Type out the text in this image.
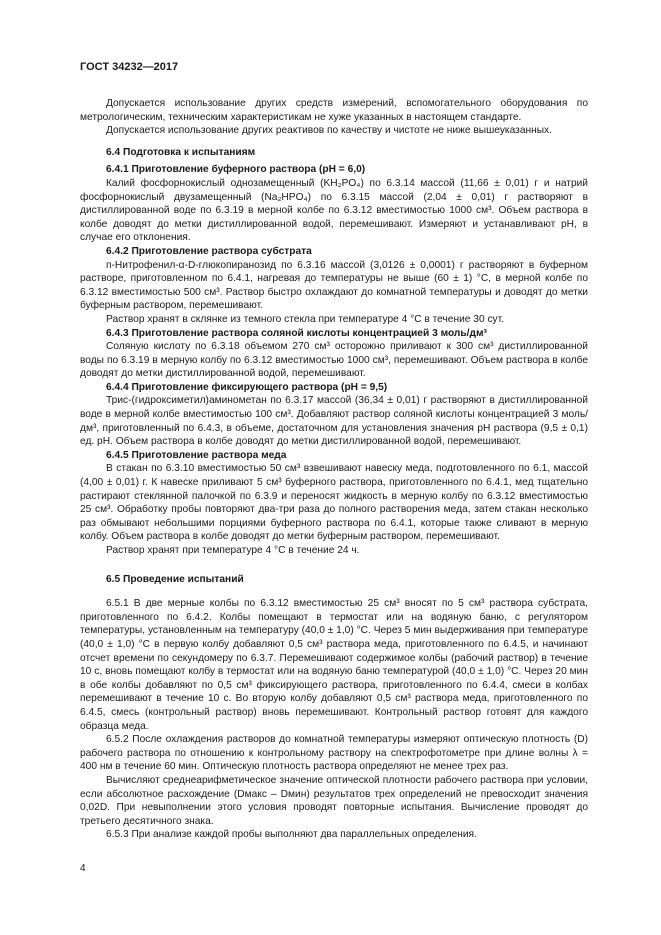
ГОСТ 34232—2017

Допускается использование других средств измерений, вспомогательного оборудования по метрологическим, техническим характеристикам не хуже указанных в настоящем стандарте.

Допускается использование других реактивов по качеству и чистоте не ниже вышеуказанных.

6.4 Подготовка к испытаниям
6.4.1 Приготовление буферного раствора (pH = 6,0)

Калий фосфорнокислый однозамещенный (KH₂PO₄) по 6.3.14 массой (11,66 ± 0,01) г и натрий фосфорнокислый двузамещенный (Na₂HPO₄) по 6.3.15 массой (2,04 ± 0,01) г растворяют в дистиллированной воде по 6.3.19 в мерной колбе по 6.3.12 вместимостью 1000 см³. Объем раствора в колбе доводят до метки дистиллированной водой, перемешивают. Измеряют и устанавливают pH, в случае его отклонения.

6.4.2 Приготовление раствора субстрата

п-Нитрофенил-α-D-глюкопиранозид по 6.3.16 массой (3,0126 ± 0,0001) г растворяют в буферном растворе, приготовленном по 6.4.1, нагревая до температуры не выше (60 ± 1) °С, в мерной колбе по 6.3.12 вместимостью 500 см³. Раствор быстро охлаждают до комнатной температуры и доводят до метки буферным раствором, перемешивают.

Раствор хранят в склянке из темного стекла при температуре 4 °С в течение 30 сут.

6.4.3 Приготовление раствора соляной кислоты концентрацией 3 моль/дм³

Соляную кислоту по 6.3.18 объемом 270 см³ осторожно приливают к 300 см³ дистиллированной воды по 6.3.19 в мерную колбу по 6.3.12 вместимостью 1000 см³, перемешивают. Объем раствора в колбе доводят до метки дистиллированной водой, перемешивают.

6.4.4 Приготовление фиксирующего раствора (pH = 9,5)

Трис-(гидроксиметил)аминометан по 6.3.17 массой (36,34 ± 0,01) г растворяют в дистиллированной воде в мерной колбе вместимостью 100 см³. Добавляют раствор соляной кислоты концентрацией 3 моль/дм³, приготовленный по 6.4.3, в объеме, достаточном для установления значения pH раствора (9,5 ± 0,1) ед. pH. Объем раствора в колбе доводят до метки дистиллированной водой, перемешивают.

6.4.5 Приготовление раствора меда

В стакан по 6.3.10 вместимостью 50 см³ взвешивают навеску меда, подготовленного по 6.1, массой (4,00 ± 0,01) г. К навеске приливают 5 см³ буферного раствора, приготовленного по 6.4.1, мед тщательно растирают стеклянной палочкой по 6.3.9 и переносят жидкость в мерную колбу по 6.3.12 вместимостью 25 см³. Обработку пробы повторяют два-три раза до полного растворения меда, затем стакан несколько раз обмывают небольшими порциями буферного раствора по 6.4.1, которые также сливают в мерную колбу. Объем раствора в колбе доводят до метки буферным раствором, перемешивают.

Раствор хранят при температуре 4 °С в течение 24 ч.

6.5 Проведение испытаний

6.5.1 В две мерные колбы по 6.3.12 вместимостью 25 см³ вносят по 5 см³ раствора субстрата, приготовленного по 6.4.2. Колбы помещают в термостат или на водяную баню, с регулятором температуры, установленным на температуру (40,0 ± 1,0) °С. Через 5 мин выдерживания при температуре (40,0 ± 1,0) °С в первую колбу добавляют 0,5 см³ раствора меда, приготовленного по 6.4.5, и начинают отсчет времени по секундомеру по 6.3.7. Перемешивают содержимое колбы (рабочий раствор) в течение 10 с, вновь помещают колбу в термостат или на водяную баню температурой (40,0 ± 1,0) °С. Через 20 мин в обе колбы добавляют по 0,5 см³ фиксирующего раствора, приготовленного по 6.4.4, смеси в колбах перемешивают в течение 10 с. Во вторую колбу добавляют 0,5 см³ раствора меда, приготовленного по 6.4.5, смесь (контрольный раствор) вновь перемешивают. Контрольный раствор готовят для каждого образца меда.

6.5.2 После охлаждения растворов до комнатной температуры измеряют оптическую плотность (D) рабочего раствора по отношению к контрольному раствору на спектрофотометре при длине волны λ = 400 нм в течение 60 мин. Оптическую плотность раствора определяют не менее трех раз.

Вычисляют среднеарифметическое значение оптической плотности рабочего раствора при условии, если абсолютное расхождение (Dмакс – Dмин) результатов трех определений не превосходит значения 0,02D. При невыполнении этого условия проводят повторные испытания. Вычисление проводят до третьего десятичного знака.

6.5.3 При анализе каждой пробы выполняют два параллельных определения.

4
